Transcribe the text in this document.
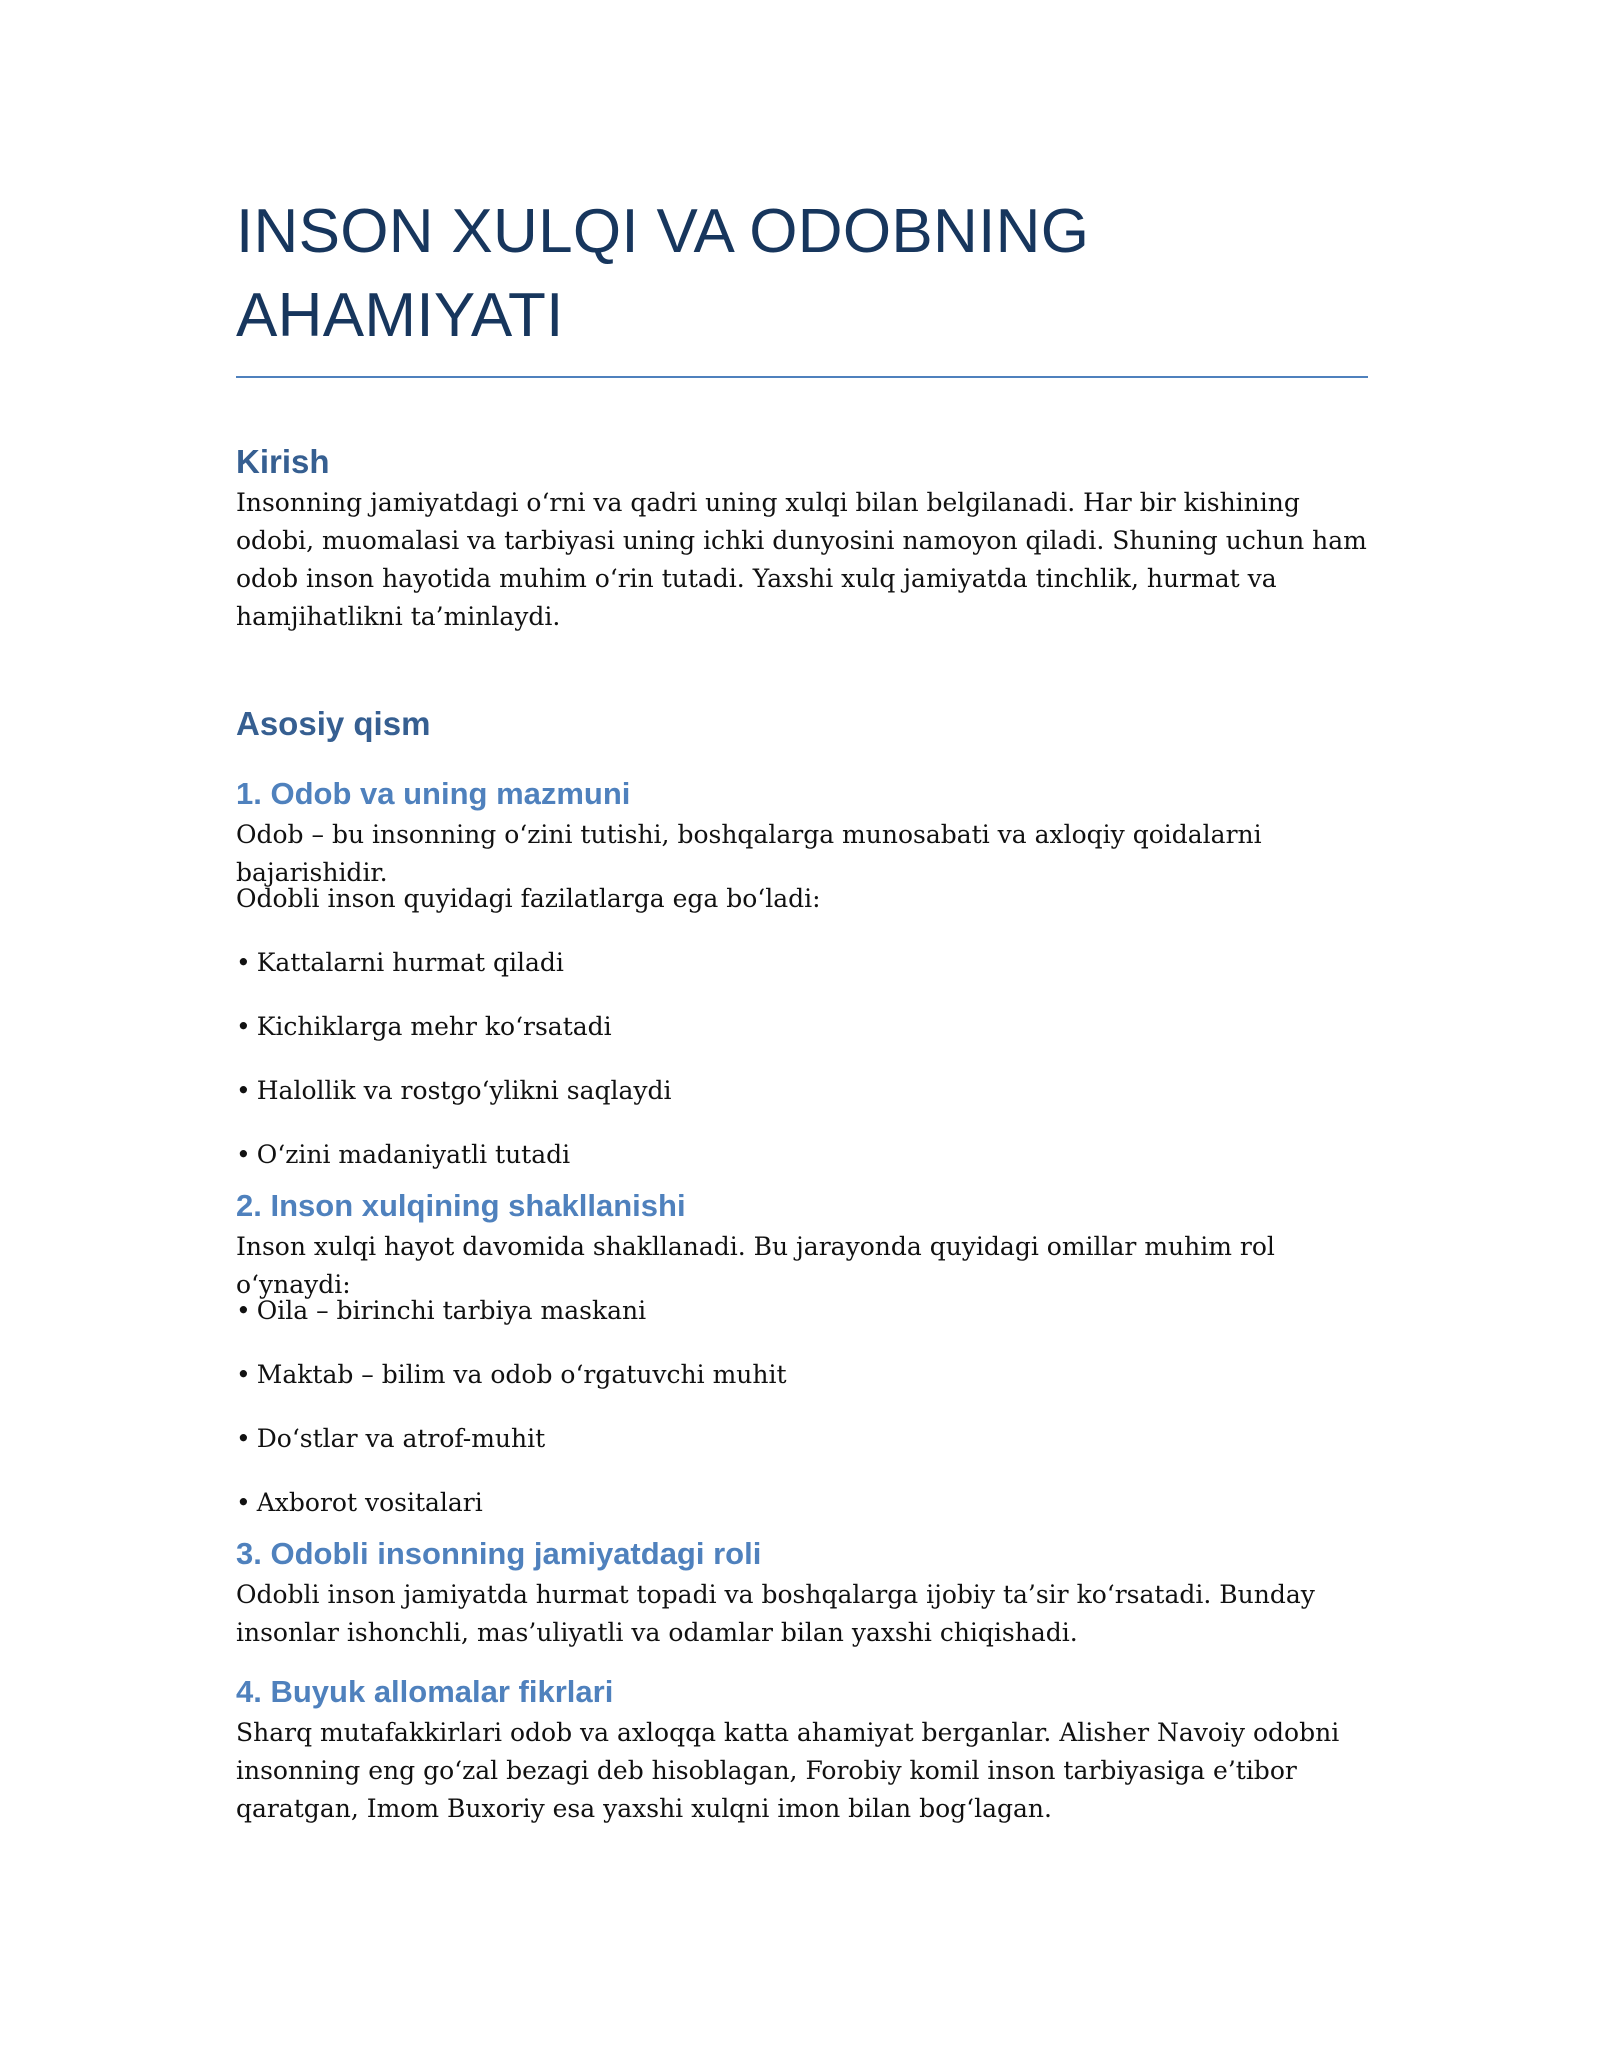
INSON XULQI VA ODOBNING AHAMIYATI
Kirish

Insonning jamiyatdagi o‘rni va qadri uning xulqi bilan belgilanadi. Har bir kishining odobi, muomalasi va tarbiyasi uning ichki dunyosini namoyon qiladi. Shuning uchun ham odob inson hayotida muhim o‘rin tutadi. Yaxshi xulq jamiyatda tinchlik, hurmat va hamjihatlikni ta’minlaydi.

Asosiy qism
1. Odob va uning mazmuni

Odob – bu insonning o‘zini tutishi, boshqalarga munosabati va axloqiy qoidalarni bajarishidir.

Odobli inson quyidagi fazilatlarga ega bo‘ladi:

• Kattalarni hurmat qiladi
• Kichiklarga mehr ko‘rsatadi
• Halollik va rostgo‘ylikni saqlaydi
• O‘zini madaniyatli tutadi
2. Inson xulqining shakllanishi

Inson xulqi hayot davomida shakllanadi. Bu jarayonda quyidagi omillar muhim rol o‘ynaydi:

• Oila – birinchi tarbiya maskani
• Maktab – bilim va odob o‘rgatuvchi muhit
• Do‘stlar va atrof-muhit
• Axborot vositalari
3. Odobli insonning jamiyatdagi roli

Odobli inson jamiyatda hurmat topadi va boshqalarga ijobiy ta’sir ko‘rsatadi. Bunday insonlar ishonchli, mas’uliyatli va odamlar bilan yaxshi chiqishadi.

4. Buyuk allomalar fikrlari

Sharq mutafakkirlari odob va axloqqa katta ahamiyat berganlar. Alisher Navoiy odobni insonning eng go‘zal bezagi deb hisoblagan, Forobiy komil inson tarbiyasiga e’tibor qaratgan, Imom Buxoriy esa yaxshi xulqni imon bilan bog‘lagan.
